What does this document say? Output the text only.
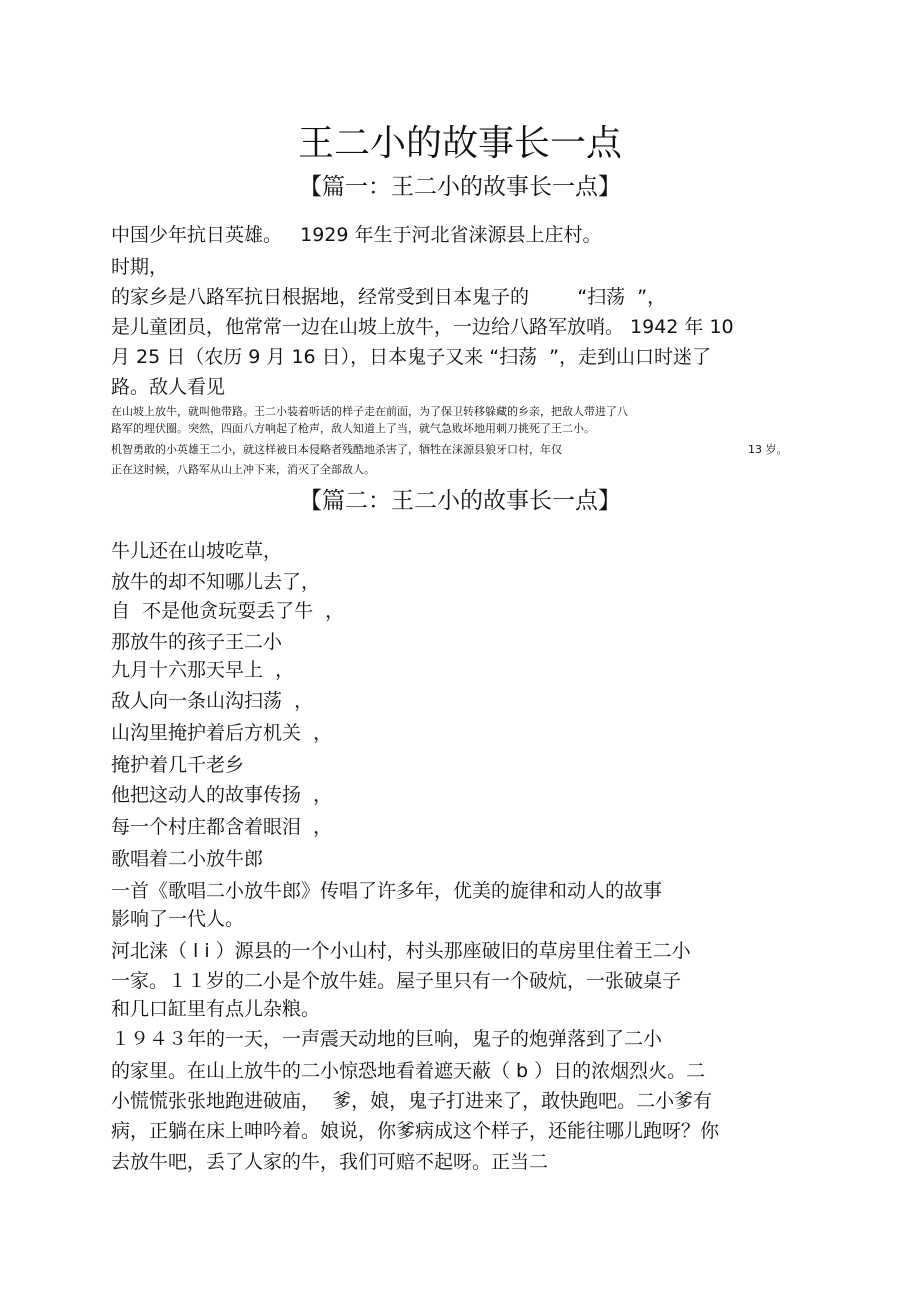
王二小的故事长一点
【篇一：王二小的故事长一点】

中国少年抗日英雄。   1929 年生于河北省涞源县上庄村。

时期，

的家乡是八路军抗日根据地，经常受到日本鬼子的        “扫荡  ”，

是儿童团员，他常常一边在山坡上放牛，一边给八路军放哨。 1942 年 10

月 25 日（农历 9 月 16 日），日本鬼子又来 “扫荡  ”，走到山口时迷了

路。敌人看见

在山坡上放牛，就叫他带路。王二小装着听话的样子走在前面，为了保卫转移躲藏的乡亲，把敌人带进了八

路军的埋伏圈。突然，四面八方响起了枪声，敌人知道上了当，就气急败坏地用刺刀挑死了王二小。

机智勇敢的小英雄王二小，就这样被日本侵略者残酷地杀害了，牺牲在涞源县狼牙口村，年仅	13 岁。

正在这时候，八路军从山上冲下来，消灭了全部敌人。

【篇二：王二小的故事长一点】

牛儿还在山坡吃草，

放牛的却不知哪儿去了，

自  不是他贪玩耍丢了牛  ，

那放牛的孩子王二小

九月十六那天早上  ，

敌人向一条山沟扫荡  ，

山沟里掩护着后方机关  ，

掩护着几千老乡

他把这动人的故事传扬  ，

每一个村庄都含着眼泪  ，

歌唱着二小放牛郎

一首《歌唱二小放牛郎》传唱了许多年，优美的旋律和动人的故事

影响了一代人。

河北涞（ l i ）源县的一个小山村，村头那座破旧的草房里住着王二小

一家。１１岁的二小是个放牛娃。屋子里只有一个破炕，一张破桌子

和几口缸里有点儿杂粮。

１９４３年的一天，一声震天动地的巨响，鬼子的炮弹落到了二小

的家里。在山上放牛的二小惊恐地看着遮天蔽（ b ）日的浓烟烈火。二

小慌慌张张地跑进破庙，  爹，娘，鬼子打进来了，敢快跑吧。二小爹有

病，正躺在床上呻吟着。娘说，你爹病成这个样子，还能往哪儿跑呀？你

去放牛吧，丢了人家的牛，我们可赔不起呀。正当二
